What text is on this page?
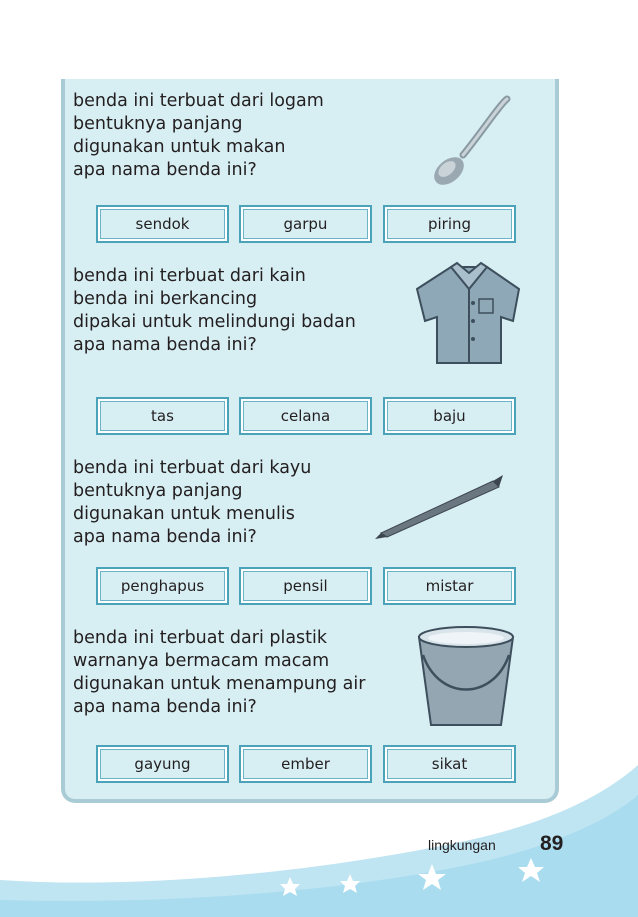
benda ini terbuat dari logam
bentuknya panjang
digunakan untuk makan
apa nama benda ini?
sendok	garpu	piring
benda ini terbuat dari kain
benda ini berkancing
dipakai untuk melindungi badan
apa nama benda ini?
tas	celana	baju
benda ini terbuat dari kayu
bentuknya panjang
digunakan untuk menulis
apa nama benda ini?
penghapus	pensil	mistar
benda ini terbuat dari plastik
warnanya bermacam macam
digunakan untuk menampung air
apa nama benda ini?
gayung	ember	sikat
lingkungan 89
